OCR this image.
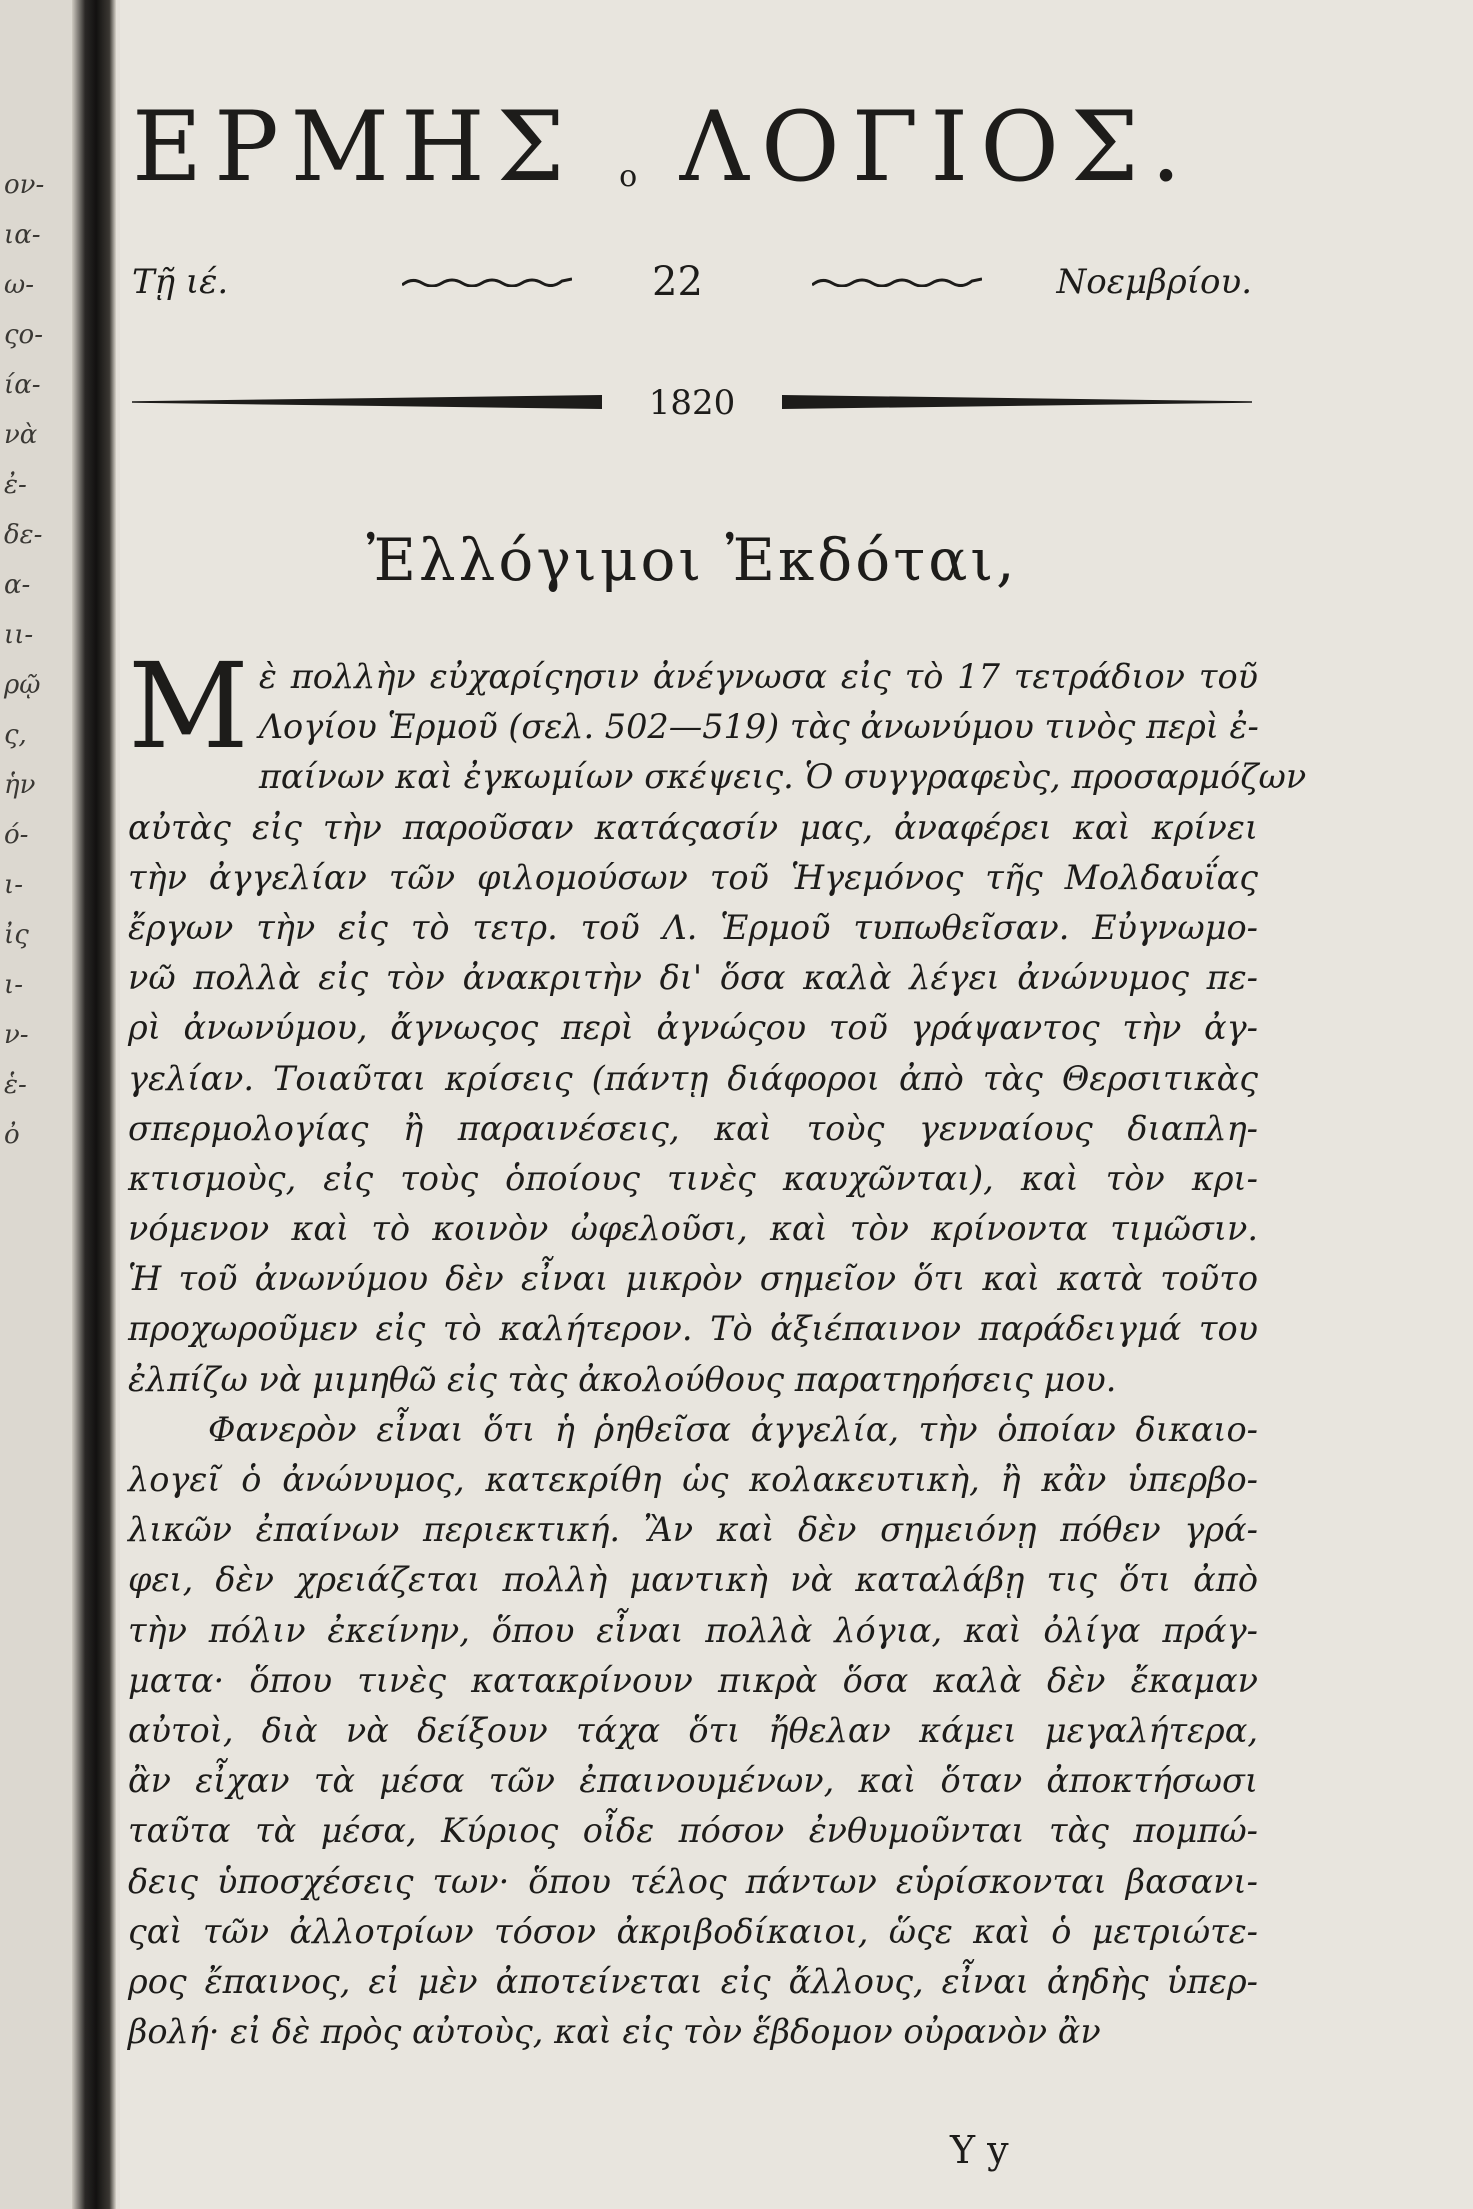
ον-
ια-
ω-
ςο-
ία-
νὰ
ἐ-
δε-
α-
ιι-
ρῷ
ς,
ἡν
ό-
ι-
ἰς
ι-
ν-
ἑ-
ὀ
ΕΡΜΗΣ $^o$ ΛΟΓΙΟΣ.
Τῇ ιέ.	22	Νοεμβρίου.
1820
Ἐλλόγιμοι Ἐκδόται,
M ὲ πολλὴν εὐχαρίςησιν ἀνέγνωσα εἰς τὸ 17 τετράδιον τοῦ
Λογίου Ἑρμοῦ (σελ. 502—519) τὰς ἀνωνύμου τινὸς περὶ ἐ-
παίνων καὶ ἐγκωμίων σκέψεις. Ὁ συγγραφεὺς, προσαρμόζων
αὐτὰς εἰς τὴν παροῦσαν κατάςασίν μας, ἀναφέρει καὶ κρίνει
τὴν ἀγγελίαν τῶν φιλομούσων τοῦ Ἡγεμόνος τῆς Μολδαυΐας
ἔργων τὴν εἰς τὸ τετρ. τοῦ Λ. Ἑρμοῦ τυπωθεῖσαν. Εὐγνωμο-
νῶ πολλὰ εἰς τὸν ἀνακριτὴν δι' ὅσα καλὰ λέγει ἀνώνυμος πε-
ρὶ ἀνωνύμου, ἄγνωςος περὶ ἀγνώςου τοῦ γράψαντος τὴν ἀγ-
γελίαν. Τοιαῦται κρίσεις (πάντῃ διάφοροι ἀπὸ τὰς Θερσιτικὰς
σπερμολογίας ἢ παραινέσεις, καὶ τοὺς γενναίους διαπλη-
κτισμοὺς, εἰς τοὺς ὁποίους τινὲς καυχῶνται), καὶ τὸν κρι-
νόμενον καὶ τὸ κοινὸν ὠφελοῦσι, καὶ τὸν κρίνοντα τιμῶσιν.
Ἡ τοῦ ἀνωνύμου δὲν εἶναι μικρὸν σημεῖον ὅτι καὶ κατὰ τοῦτο
προχωροῦμεν εἰς τὸ καλήτερον. Τὸ ἀξιέπαινον παράδειγμά του
ἐλπίζω νὰ μιμηθῶ εἰς τὰς ἀκολούθους παρατηρήσεις μου.
Φανερὸν εἶναι ὅτι ἡ ῥηθεῖσα ἀγγελία, τὴν ὁποίαν δικαιο-
λογεῖ ὁ ἀνώνυμος, κατεκρίθη ὡς κολακευτικὴ, ἢ κἂν ὑπερβο-
λικῶν ἐπαίνων περιεκτική. Ἂν καὶ δὲν σημειόνῃ πόθεν γρά-
φει, δὲν χρειάζεται πολλὴ μαντικὴ νὰ καταλάβῃ τις ὅτι ἀπὸ
τὴν πόλιν ἐκείνην, ὅπου εἶναι πολλὰ λόγια, καὶ ὀλίγα πράγ-
ματα· ὅπου τινὲς κατακρίνουν πικρὰ ὅσα καλὰ δὲν ἔκαμαν
αὐτοὶ, διὰ νὰ δείξουν τάχα ὅτι ἤθελαν κάμει μεγαλήτερα,
ἂν εἶχαν τὰ μέσα τῶν ἐπαινουμένων, καὶ ὅταν ἀποκτήσωσι
ταῦτα τὰ μέσα, Κύριος οἶδε πόσον ἐνθυμοῦνται τὰς πομπώ-
δεις ὑποσχέσεις των· ὅπου τέλος πάντων εὑρίσκονται βασανι-
ςαὶ τῶν ἀλλοτρίων τόσον ἀκριβοδίκαιοι, ὥςε καὶ ὁ μετριώτε-
ρος ἔπαινος, εἰ μὲν ἀποτείνεται εἰς ἄλλους, εἶναι ἀηδὴς ὑπερ-
βολή· εἰ δὲ πρὸς αὐτοὺς, καὶ εἰς τὸν ἕβδομον οὐρανὸν ἂν
Y y
